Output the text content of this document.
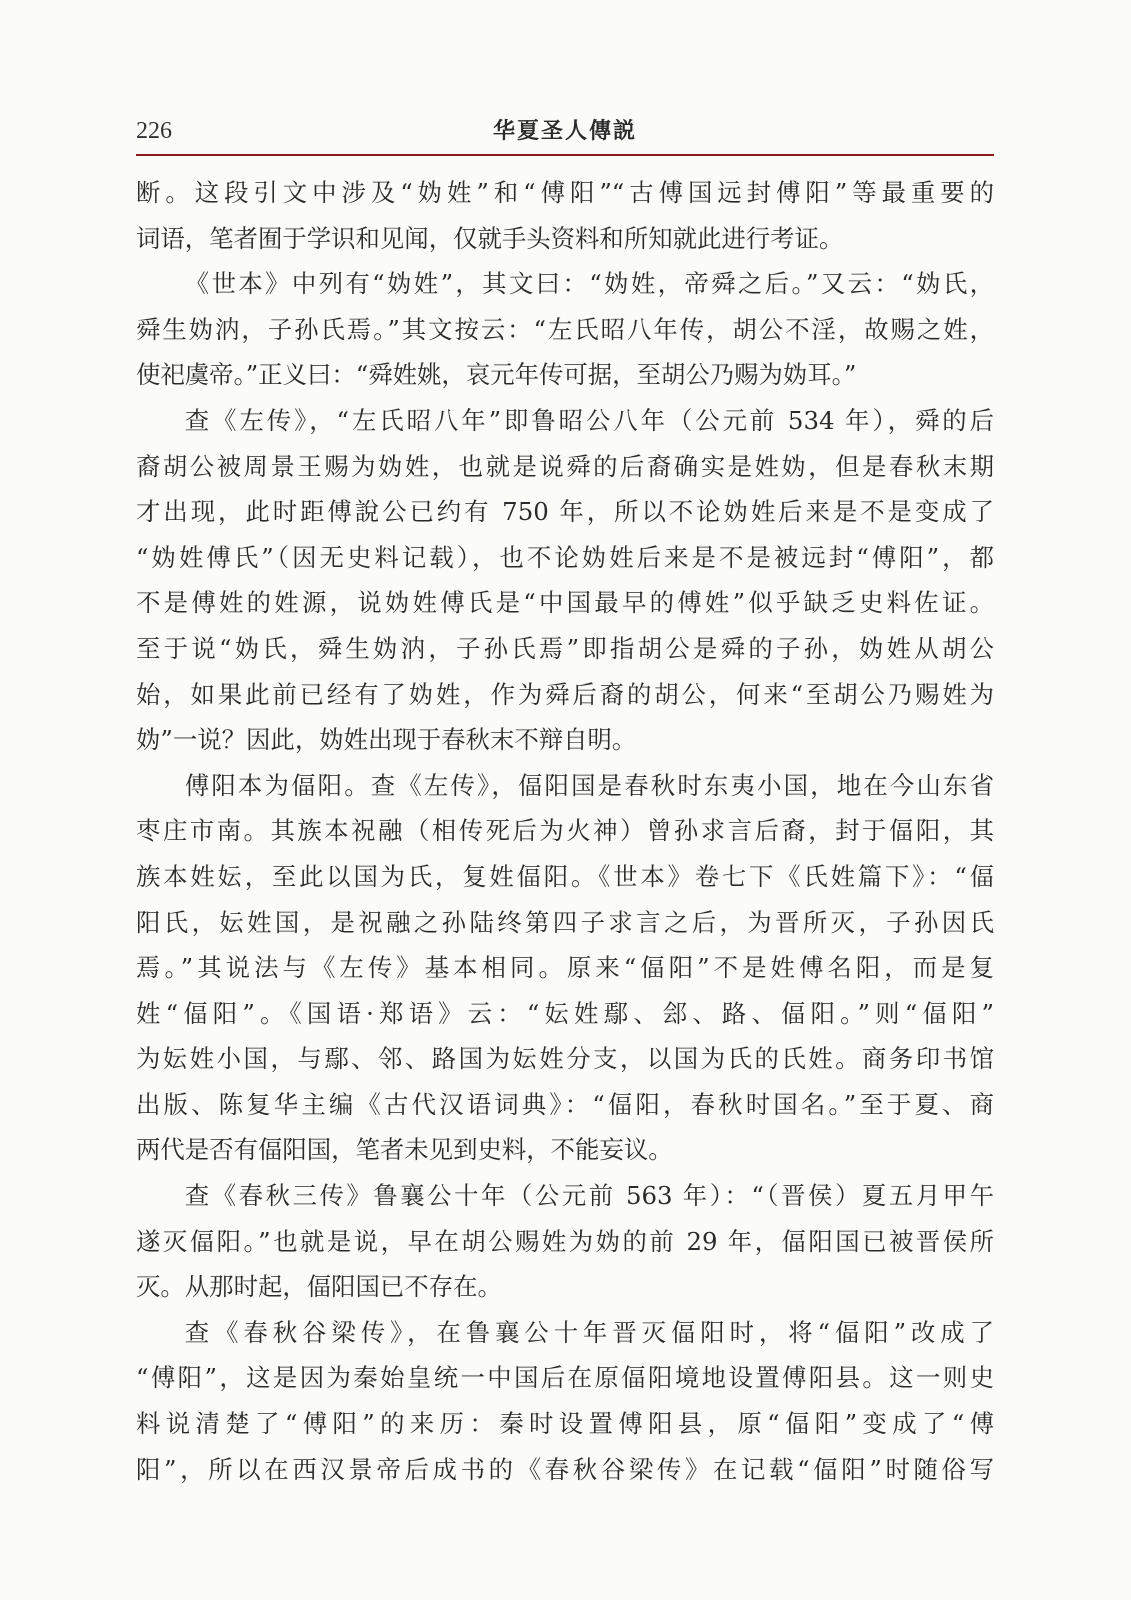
226	华夏圣人傳説

断。这段引文中涉及“妫姓”和“傅阳”“古傅国远封傅阳”等最重要的
词语，笔者囿于学识和见闻，仅就手头资料和所知就此进行考证。

《世本》中列有“妫姓”，其文曰：“妫姓，帝舜之后。”又云：“妫氏，
舜生妫汭，子孙氏焉。”其文按云：“左氏昭八年传，胡公不淫，故赐之姓，
使祀虞帝。”正义曰：“舜姓姚，哀元年传可据，至胡公乃赐为妫耳。”

查《左传》，“左氏昭八年”即鲁昭公八年（公元前 534 年），舜的后
裔胡公被周景王赐为妫姓，也就是说舜的后裔确实是姓妫，但是春秋末期
才出现，此时距傅說公已约有 750 年，所以不论妫姓后来是不是变成了
“妫姓傅氏”（因无史料记载），也不论妫姓后来是不是被远封“傅阳”，都
不是傅姓的姓源，说妫姓傅氏是“中国最早的傅姓”似乎缺乏史料佐证。
至于说“妫氏，舜生妫汭，子孙氏焉”即指胡公是舜的子孙，妫姓从胡公
始，如果此前已经有了妫姓，作为舜后裔的胡公，何来“至胡公乃赐姓为
妫”一说？因此，妫姓出现于春秋末不辩自明。

傅阳本为偪阳。查《左传》，偪阳国是春秋时东夷小国，地在今山东省
枣庄市南。其族本祝融（相传死后为火神）曾孙求言后裔，封于偪阳，其
族本姓妘，至此以国为氏，复姓偪阳。《世本》卷七下《氏姓篇下》：“偪
阳氏，妘姓国，是祝融之孙陆终第四子求言之后，为晋所灭，子孙因氏
焉。”其说法与《左传》基本相同。原来“偪阳”不是姓傅名阳，而是复
姓“偪阳”。《国语·郑语》云：“妘姓鄢、郐、路、偪阳。”则“偪阳”
为妘姓小国，与鄢、邻、路国为妘姓分支，以国为氏的氏姓。商务印书馆
出版、陈复华主编《古代汉语词典》：“偪阳，春秋时国名。”至于夏、商
两代是否有偪阳国，笔者未见到史料，不能妄议。

查《春秋三传》鲁襄公十年（公元前 563 年）：“（晋侯）夏五月甲午
遂灭偪阳。”也就是说，早在胡公赐姓为妫的前 29 年，偪阳国已被晋侯所
灭。从那时起，偪阳国已不存在。

查《春秋谷梁传》，在鲁襄公十年晋灭偪阳时，将“偪阳”改成了
“傅阳”，这是因为秦始皇统一中国后在原偪阳境地设置傅阳县。这一则史
料说清楚了“傅阳”的来历：秦时设置傅阳县，原“偪阳”变成了“傅
阳”，所以在西汉景帝后成书的《春秋谷梁传》在记载“偪阳”时随俗写
